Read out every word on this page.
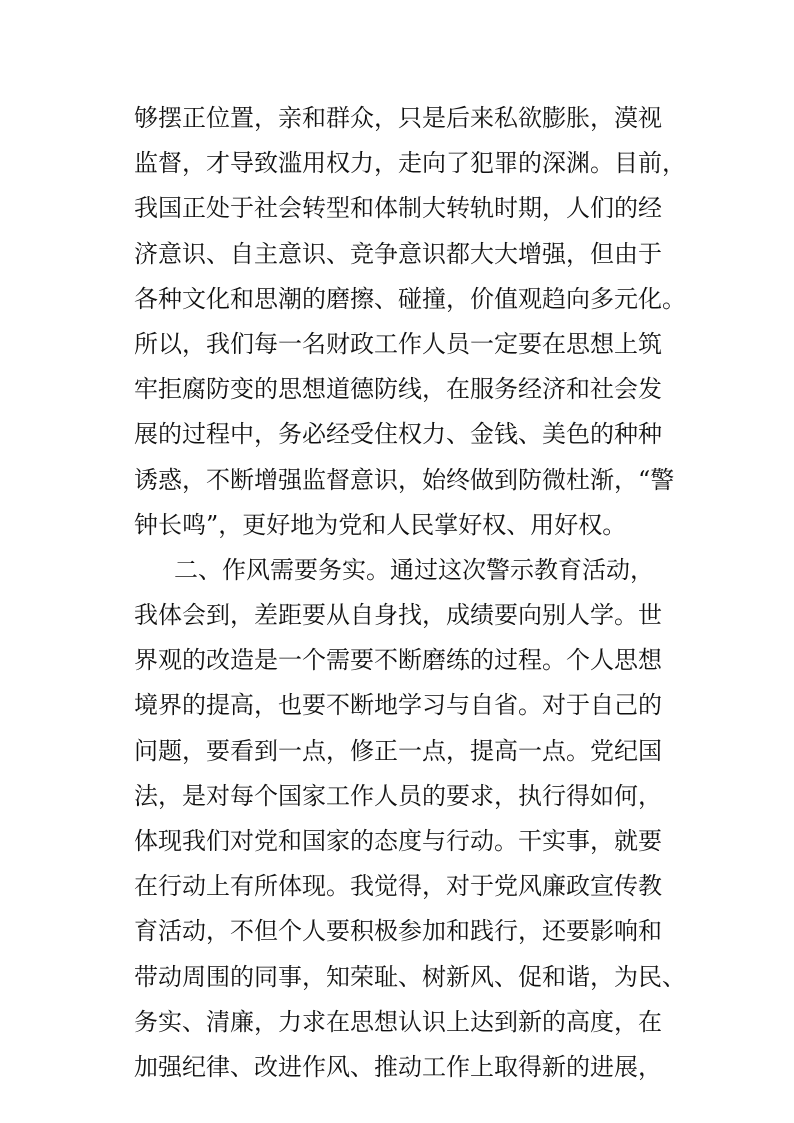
够摆正位置，亲和群众，只是后来私欲膨胀，漠视
监督，才导致滥用权力，走向了犯罪的深渊。目前，
我国正处于社会转型和体制大转轨时期，人们的经
济意识、自主意识、竞争意识都大大增强，但由于
各种文化和思潮的磨擦、碰撞，价值观趋向多元化。
所以，我们每一名财政工作人员一定要在思想上筑
牢拒腐防变的思想道德防线，在服务经济和社会发
展的过程中，务必经受住权力、金钱、美色的种种
诱惑，不断增强监督意识，始终做到防微杜渐，“警
钟长鸣”，更好地为党和人民掌好权、用好权。
二、作风需要务实。通过这次警示教育活动，
我体会到，差距要从自身找，成绩要向别人学。世
界观的改造是一个需要不断磨练的过程。个人思想
境界的提高，也要不断地学习与自省。对于自己的
问题，要看到一点，修正一点，提高一点。党纪国
法，是对每个国家工作人员的要求，执行得如何，
体现我们对党和国家的态度与行动。干实事，就要
在行动上有所体现。我觉得，对于党风廉政宣传教
育活动，不但个人要积极参加和践行，还要影响和
带动周围的同事，知荣耻、树新风、促和谐，为民、
务实、清廉，力求在思想认识上达到新的高度，在
加强纪律、改进作风、推动工作上取得新的进展，
